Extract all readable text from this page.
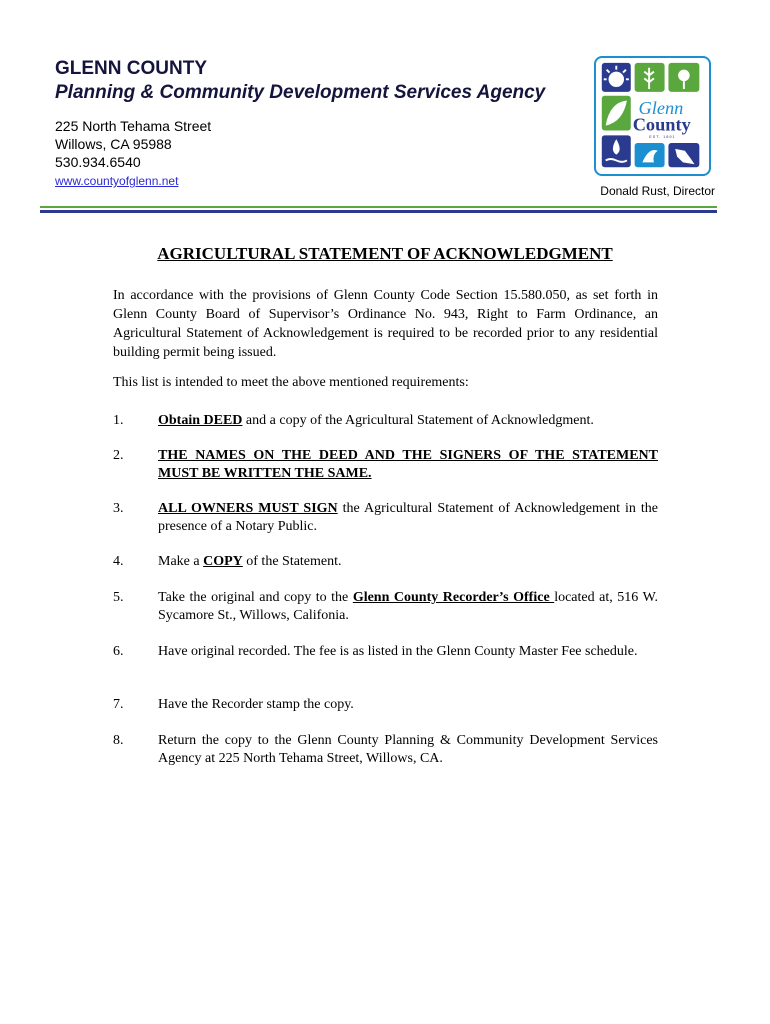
GLENN COUNTY
Planning & Community Development Services Agency
225 North Tehama Street
Willows, CA 95988
530.934.6540
www.countyofglenn.net
Glenn
County
EST. 1891
Donald Rust, Director
AGRICULTURAL STATEMENT OF ACKNOWLEDGMENT
In accordance with the provisions of Glenn County Code Section 15.580.050, as set forth in Glenn County Board of Supervisor’s Ordinance No. 943, Right to Farm Ordinance, an Agricultural Statement of Acknowledgement is required to be recorded prior to any residential building permit being issued.
This list is intended to meet the above mentioned requirements:
1. Obtain DEED and a copy of the Agricultural Statement of Acknowledgment.
2. THE NAMES ON THE DEED AND THE SIGNERS OF THE STATEMENT MUST BE WRITTEN THE SAME.
3. ALL OWNERS MUST SIGN the Agricultural Statement of Acknowledgement in the presence of a Notary Public.
4. Make a COPY of the Statement.
5. Take the original and copy to the Glenn County Recorder’s Office located at, 516 W. Sycamore St., Willows, Califonia.
6. Have original recorded. The fee is as listed in the Glenn County Master Fee schedule.
7. Have the Recorder stamp the copy.
8. Return the copy to the Glenn County Planning & Community Development Services Agency at 225 North Tehama Street, Willows, CA.
